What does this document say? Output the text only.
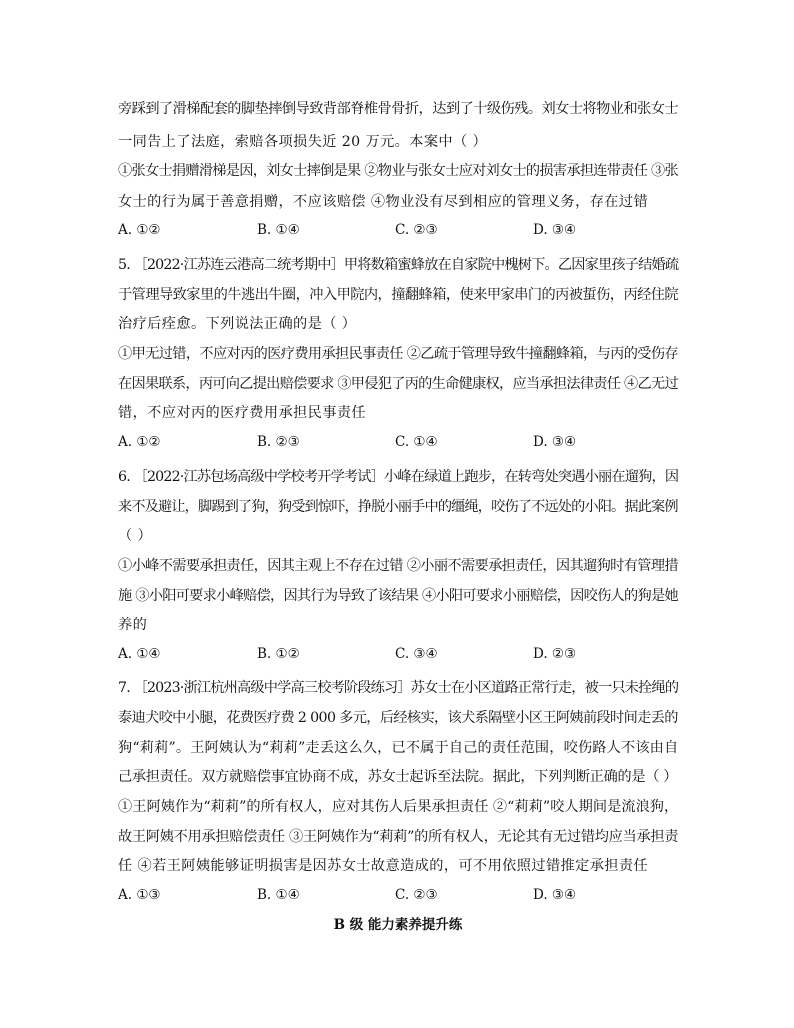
旁踩到了滑梯配套的脚垫摔倒导致背部脊椎骨骨折，达到了十级伤残。刘女士将物业和张女士
一同告上了法庭，索赔各项损失近 20 万元。本案中（ ）
①张女士捐赠滑梯是因，刘女士摔倒是果 ②物业与张女士应对刘女士的损害承担连带责任 ③张
女士的行为属于善意捐赠，不应该赔偿 ④物业没有尽到相应的管理义务，存在过错
A. ①②	B. ①④	C. ②③	D. ③④
5. ［2022·江苏连云港高二统考期中］甲将数箱蜜蜂放在自家院中槐树下。乙因家里孩子结婚疏
于管理导致家里的牛逃出牛圈，冲入甲院内，撞翻蜂箱，使来甲家串门的丙被蜇伤，丙经住院
治疗后痊愈。下列说法正确的是（ ）
①甲无过错，不应对丙的医疗费用承担民事责任 ②乙疏于管理导致牛撞翻蜂箱，与丙的受伤存
在因果联系，丙可向乙提出赔偿要求 ③甲侵犯了丙的生命健康权，应当承担法律责任 ④乙无过
错，不应对丙的医疗费用承担民事责任
A. ①②	B. ②③	C. ①④	D. ③④
6. ［2022·江苏包场高级中学校考开学考试］小峰在绿道上跑步，在转弯处突遇小丽在遛狗，因
来不及避让，脚踢到了狗，狗受到惊吓，挣脱小丽手中的缰绳，咬伤了不远处的小阳。据此案例
（ ）
①小峰不需要承担责任，因其主观上不存在过错 ②小丽不需要承担责任，因其遛狗时有管理措
施 ③小阳可要求小峰赔偿，因其行为导致了该结果 ④小阳可要求小丽赔偿，因咬伤人的狗是她
养的
A. ①④	B. ①②	C. ③④	D. ②③
7. ［2023·浙江杭州高级中学高三校考阶段练习］苏女士在小区道路正常行走，被一只未拴绳的
泰迪犬咬中小腿，花费医疗费 2 000 多元，后经核实，该犬系隔壁小区王阿姨前段时间走丢的
狗“莉莉”。王阿姨认为“莉莉”走丢这么久，已不属于自己的责任范围，咬伤路人不该由自
己承担责任。双方就赔偿事宜协商不成，苏女士起诉至法院。据此，下列判断正确的是（ ）
①王阿姨作为“莉莉”的所有权人，应对其伤人后果承担责任 ②“莉莉”咬人期间是流浪狗，
故王阿姨不用承担赔偿责任 ③王阿姨作为“莉莉”的所有权人，无论其有无过错均应当承担责
任 ④若王阿姨能够证明损害是因苏女士故意造成的，可不用依照过错推定承担责任
A. ①③	B. ①④	C. ②③	D. ③④
B 级 能力素养提升练
